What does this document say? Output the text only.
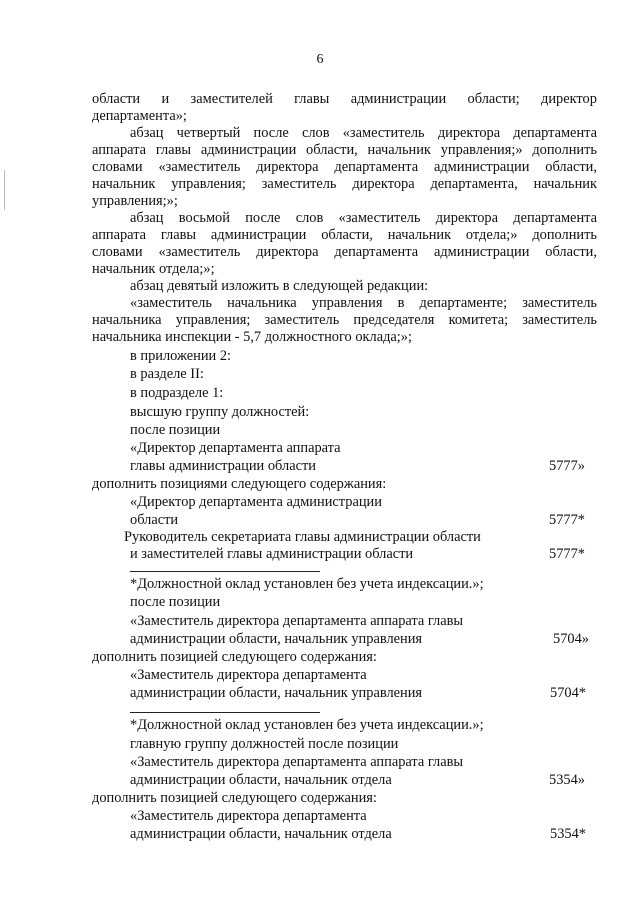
6
области и заместителей главы администрации области; директор
департамента»;
абзац четвертый после слов «заместитель директора департамента
аппарата главы администрации области, начальник управления;» дополнить
словами «заместитель директора департамента администрации области,
начальник управления; заместитель директора департамента, начальник
управления;»;
абзац восьмой после слов «заместитель директора департамента
аппарата главы администрации области, начальник отдела;» дополнить
словами «заместитель директора департамента администрации области,
начальник отдела;»;
абзац девятый изложить в следующей редакции:
«заместитель начальника управления в департаменте; заместитель
начальника управления; заместитель председателя комитета; заместитель
начальника инспекции - 5,7 должностного оклада;»;
в приложении 2:
в разделе II:
в подразделе 1:
высшую группу должностей:
после позиции
«Директор департамента аппарата
главы администрации области	5777»
дополнить позициями следующего содержания:
«Директор департамента администрации
области	5777*
Руководитель секретариата главы администрации области
и заместителей главы администрации области	5777*
*Должностной оклад установлен без учета индексации.»;
после позиции
«Заместитель директора департамента аппарата главы
администрации области, начальник управления	5704»
дополнить позицией следующего содержания:
«Заместитель директора департамента
администрации области, начальник управления	5704*
*Должностной оклад установлен без учета индексации.»;
главную группу должностей после позиции
«Заместитель директора департамента аппарата главы
администрации области, начальник отдела	5354»
дополнить позицией следующего содержания:
«Заместитель директора департамента
администрации области, начальник отдела	5354*
